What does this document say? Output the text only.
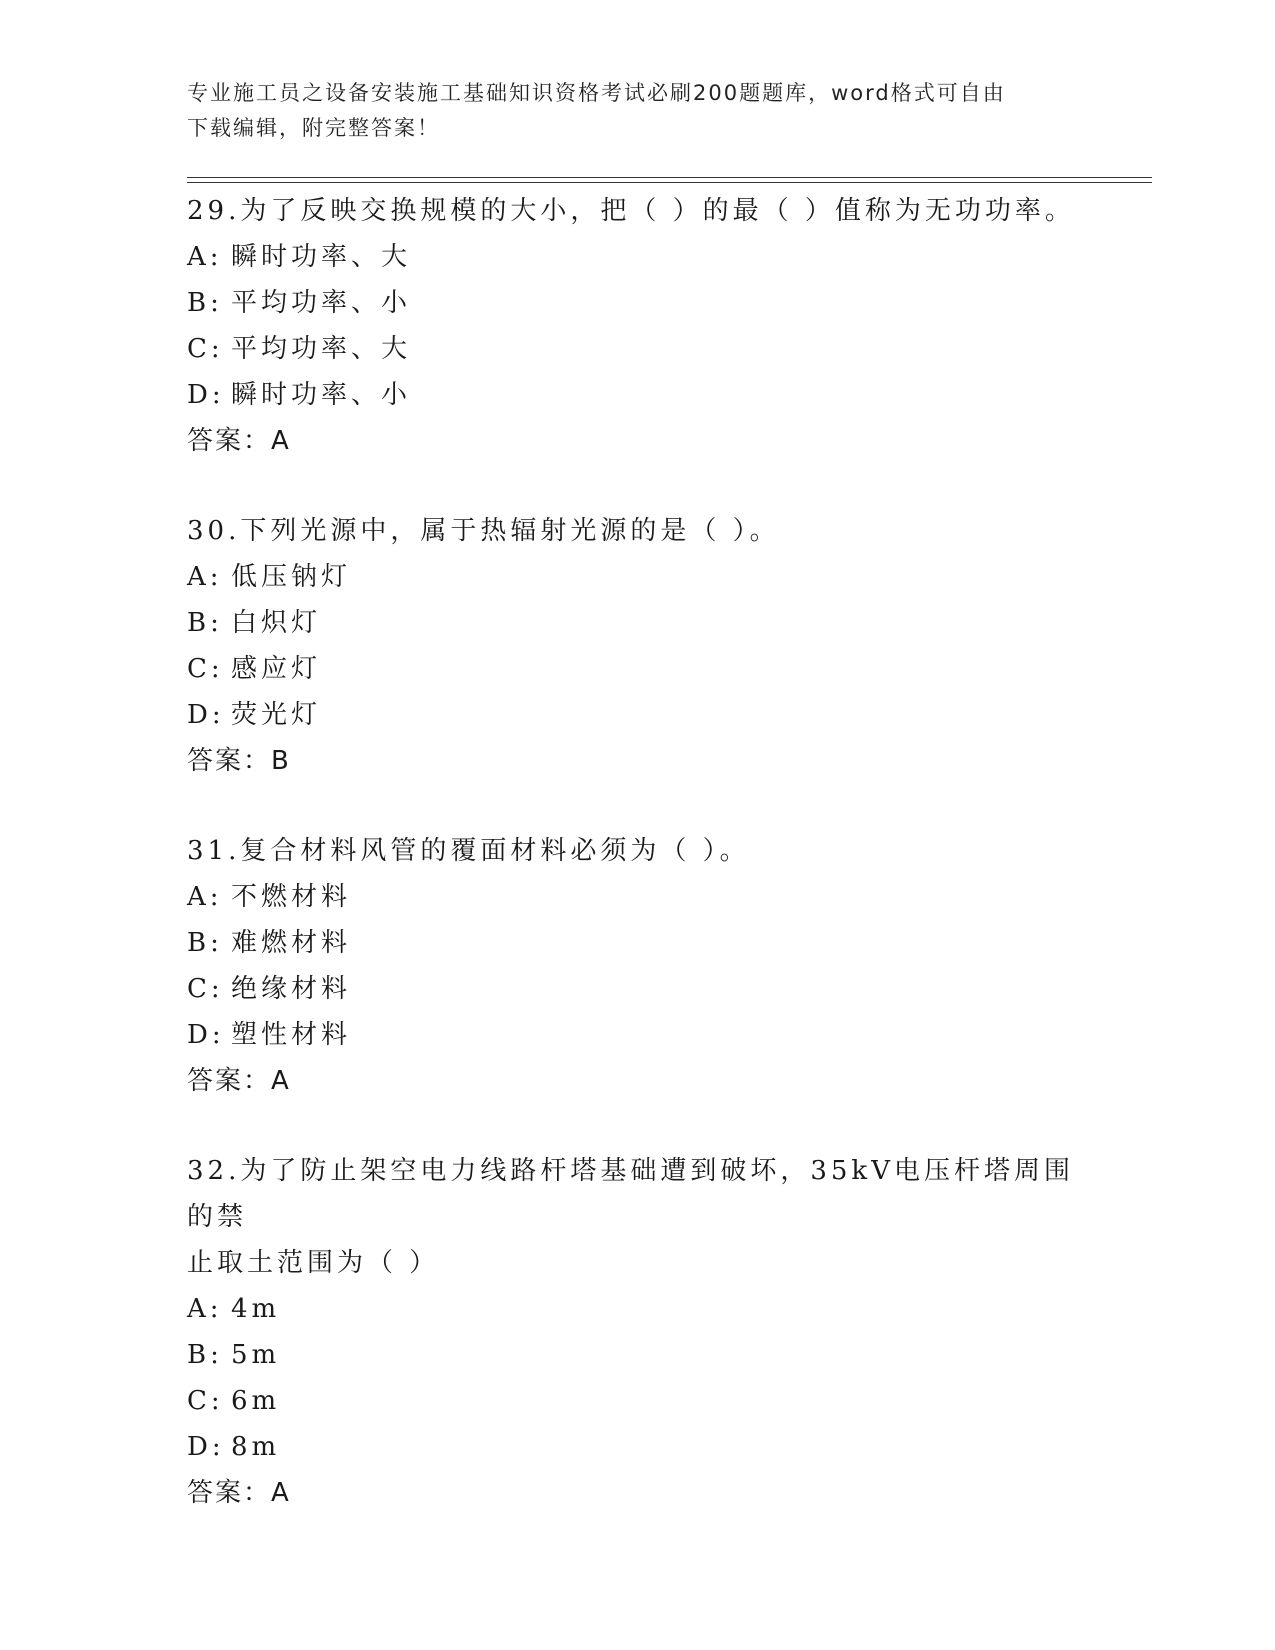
专业施工员之设备安装施工基础知识资格考试必刷200题题库，word格式可自由
下载编辑，附完整答案！
29.为了反映交换规模的大小，把（ ）的最（ ）值称为无功功率。
A: 瞬时功率、大
B: 平均功率、小
C: 平均功率、大
D: 瞬时功率、小
答案：A
30.下列光源中，属于热辐射光源的是（ ）。
A: 低压钠灯
B: 白炽灯
C: 感应灯
D: 荧光灯
答案：B
31.复合材料风管的覆面材料必须为（ ）。
A: 不燃材料
B: 难燃材料
C: 绝缘材料
D: 塑性材料
答案：A
32.为了防止架空电力线路杆塔基础遭到破坏，35kV电压杆塔周围的禁
止取土范围为（ ）
A: 4m
B: 5m
C: 6m
D: 8m
答案：A
